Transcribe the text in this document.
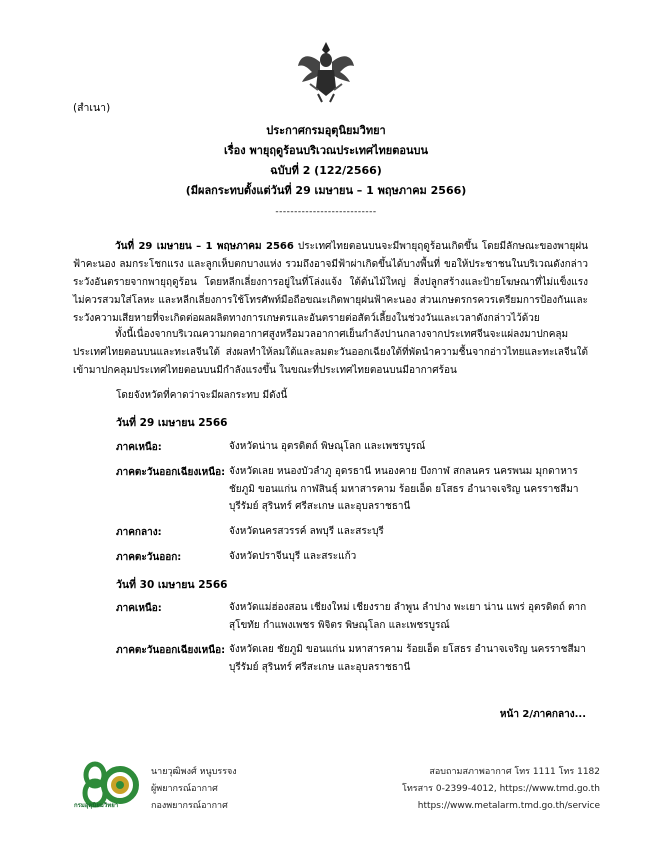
(สำเนา)
ประกาศกรมอุตุนิยมวิทยา
เรื่อง พายุฤดูร้อนบริเวณประเทศไทยตอนบน
ฉบับที่ 2 (122/2566)
(มีผลกระทบตั้งแต่วันที่ 29 เมษายน – 1 พฤษภาคม 2566)
---------------------------
วันที่ 29 เมษายน – 1 พฤษภาคม 2566 ประเทศไทยตอนบนจะมีพายุฤดูร้อนเกิดขึ้น โดยมีลักษณะของพายุฝนฟ้าคะนอง ลมกระโชกแรง และลูกเห็บตกบางแห่ง รวมถึงอาจมีฟ้าผ่าเกิดขึ้นได้บางพื้นที่ ขอให้ประชาชนในบริเวณดังกล่าวระวังอันตรายจากพายุฤดูร้อน โดยหลีกเลี่ยงการอยู่ในที่โล่งแจ้ง ใต้ต้นไม้ใหญ่ สิ่งปลูกสร้างและป้ายโฆษณาที่ไม่แข็งแรง ไม่ควรสวมใส่โลหะ และหลีกเลี่ยงการใช้โทรศัพท์มือถือขณะเกิดพายุฝนฟ้าคะนอง ส่วนเกษตรกรควรเตรียมการป้องกันและระวังความเสียหายที่จะเกิดต่อผลผลิตทางการเกษตรและอันตรายต่อสัตว์เลี้ยงในช่วงวันและเวลาดังกล่าวไว้ด้วย
ทั้งนี้เนื่องจากบริเวณความกดอากาศสูงหรือมวลอากาศเย็นกำลังปานกลางจากประเทศจีนจะแผ่ลงมาปกคลุมประเทศไทยตอนบนและทะเลจีนใต้ ส่งผลทำให้ลมใต้และลมตะวันออกเฉียงใต้ที่พัดนำความชื้นจากอ่าวไทยและทะเลจีนใต้เข้ามาปกคลุมประเทศไทยตอนบนมีกำลังแรงขึ้น ในขณะที่ประเทศไทยตอนบนมีอากาศร้อน
โดยจังหวัดที่คาดว่าจะมีผลกระทบ มีดังนี้
วันที่ 29 เมษายน 2566
ภาคเหนือ:	จังหวัดน่าน อุตรดิตถ์ พิษณุโลก และเพชรบูรณ์
ภาคตะวันออกเฉียงเหนือ: จังหวัดเลย หนองบัวลำภู อุดรธานี หนองคาย บึงกาฬ สกลนคร นครพนม มุกดาหาร ชัยภูมิ ขอนแก่น กาฬสินธุ์ มหาสารคาม ร้อยเอ็ด ยโสธร อำนาจเจริญ นครราชสีมา บุรีรัมย์ สุรินทร์ ศรีสะเกษ และอุบลราชธานี
ภาคกลาง:	จังหวัดนครสวรรค์ ลพบุรี และสระบุรี
ภาคตะวันออก:	จังหวัดปราจีนบุรี และสระแก้ว
วันที่ 30 เมษายน 2566
ภาคเหนือ:	จังหวัดแม่ฮ่องสอน เชียงใหม่ เชียงราย ลำพูน ลำปาง พะเยา น่าน แพร่ อุตรดิตถ์ ตาก สุโขทัย กำแพงเพชร พิจิตร พิษณุโลก และเพชรบูรณ์
ภาคตะวันออกเฉียงเหนือ: จังหวัดเลย ชัยภูมิ ขอนแก่น มหาสารคาม ร้อยเอ็ด ยโสธร อำนาจเจริญ นครราชสีมา บุรีรัมย์ สุรินทร์ ศรีสะเกษ และอุบลราชธานี
หน้า 2/ภาคกลาง...
กรมอุตุนิยมวิทยา
นายวุฒิพงศ์ หนูบรรจง
ผู้พยากรณ์อากาศ
กองพยากรณ์อากาศ
สอบถามสภาพอากาศ โทร 1111 โทร 1182
โทรสาร 0-2399-4012, https://www.tmd.go.th
https://www.metalarm.tmd.go.th/service
